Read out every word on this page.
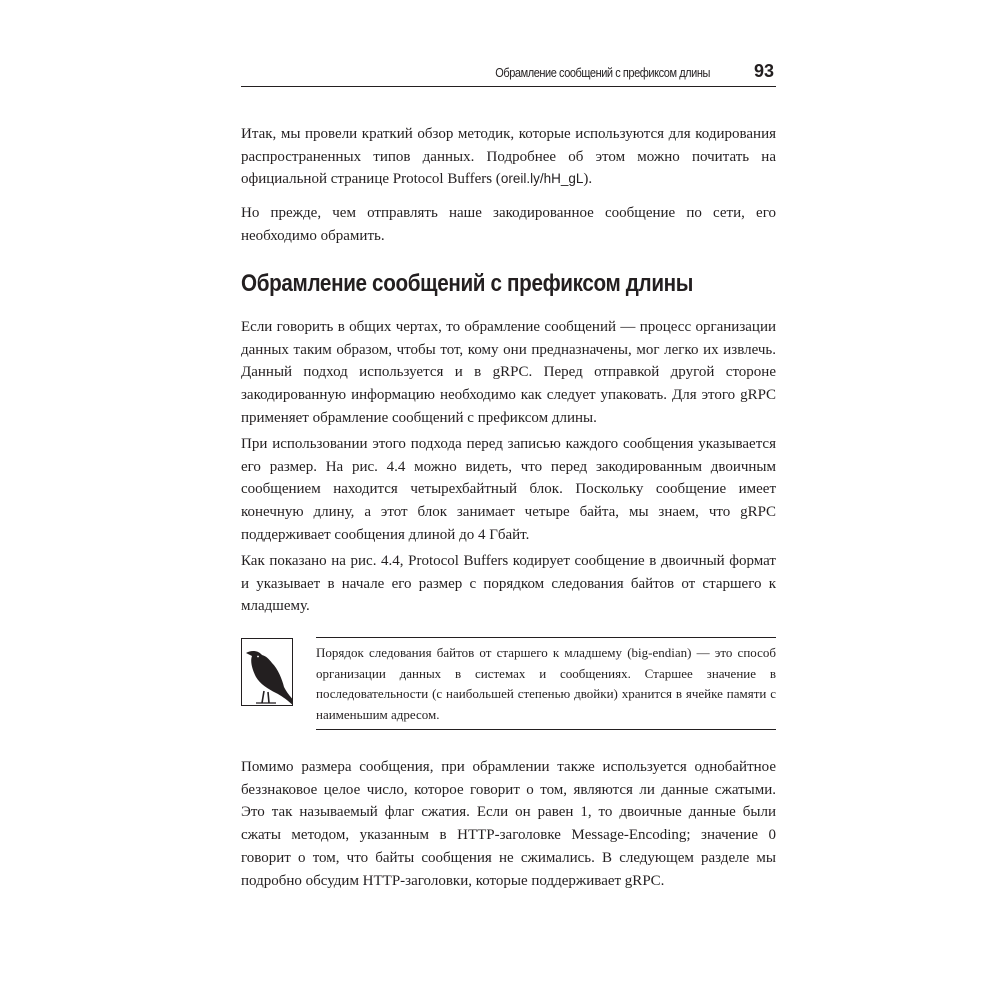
Обрамление сообщений с префиксом длины 93

Итак, мы провели краткий обзор методик, которые используются для кодирования распространенных типов данных. Подробнее об этом можно почитать на официальной странице Protocol Buffers (oreil.ly/hH_gL).

Но прежде, чем отправлять наше закодированное сообщение по сети, его необходимо обрамить.

Обрамление сообщений с префиксом длины

Если говорить в общих чертах, то обрамление сообщений — процесс организации данных таким образом, чтобы тот, кому они предназначены, мог легко их извлечь. Данный подход используется и в gRPC. Перед отправкой другой стороне закодированную информацию необходимо как следует упаковать. Для этого gRPC применяет обрамление сообщений с префиксом длины.

При использовании этого подхода перед записью каждого сообщения указывается его размер. На рис. 4.4 можно видеть, что перед закодированным двоичным сообщением находится четырехбайтный блок. Поскольку сообщение имеет конечную длину, а этот блок занимает четыре байта, мы знаем, что gRPC поддерживает сообщения длиной до 4 Гбайт.

Как показано на рис. 4.4, Protocol Buffers кодирует сообщение в двоичный формат и указывает в начале его размер с порядком следования байтов от старшего к младшему.

Порядок следования байтов от старшего к младшему (big-endian) — это способ организации данных в системах и сообщениях. Старшее значение в последовательности (с наибольшей степенью двойки) хранится в ячейке памяти с наименьшим адресом.

Помимо размера сообщения, при обрамлении также используется однобайтное беззнаковое целое число, которое говорит о том, являются ли данные сжатыми. Это так называемый флаг сжатия. Если он равен 1, то двоичные данные были сжаты методом, указанным в HTTP-заголовке Message-Encoding; значение 0 говорит о том, что байты сообщения не сжимались. В следующем разделе мы подробно обсудим HTTP-заголовки, которые поддерживает gRPC.
